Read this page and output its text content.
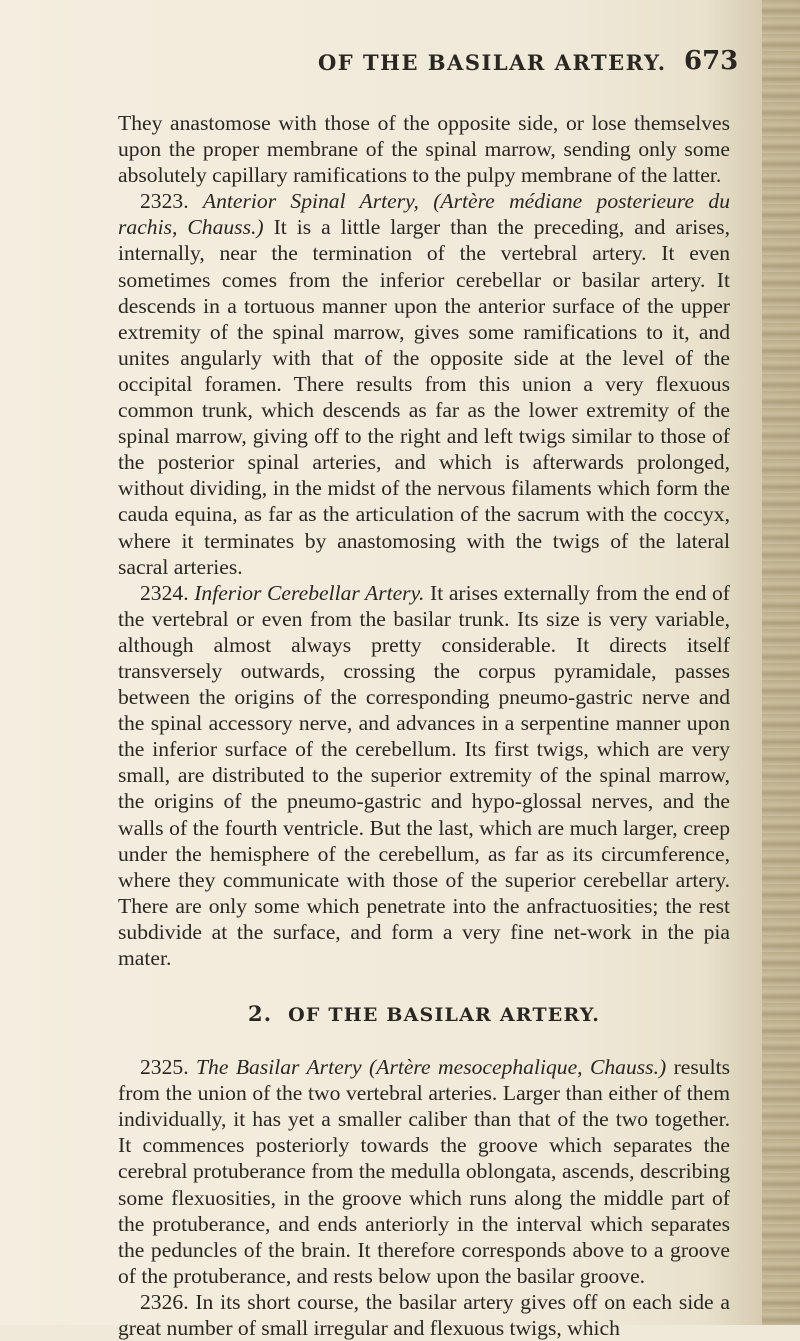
OF THE BASILAR ARTERY. 673

They anastomose with those of the opposite side, or lose themselves upon the proper membrane of the spinal marrow, sending only some absolutely capillary ramifications to the pulpy membrane of the latter.

2323. Anterior Spinal Artery, (Artère médiane posterieure du rachis, Chauss.) It is a little larger than the preceding, and arises, internally, near the termination of the vertebral artery. It even sometimes comes from the inferior cerebellar or basilar artery. It descends in a tortuous manner upon the anterior surface of the upper extremity of the spinal marrow, gives some ramifications to it, and unites angularly with that of the opposite side at the level of the occipital foramen. There results from this union a very flexuous common trunk, which descends as far as the lower extremity of the spinal marrow, giving off to the right and left twigs similar to those of the posterior spinal arteries, and which is afterwards prolonged, without dividing, in the midst of the nervous filaments which form the cauda equina, as far as the articulation of the sacrum with the coccyx, where it terminates by anastomosing with the twigs of the lateral sacral arteries.

2324. Inferior Cerebellar Artery. It arises externally from the end of the vertebral or even from the basilar trunk. Its size is very variable, although almost always pretty considerable. It directs itself transversely outwards, crossing the corpus pyramidale, passes between the origins of the corresponding pneumo-gastric nerve and the spinal accessory nerve, and advances in a serpentine manner upon the inferior surface of the cerebellum. Its first twigs, which are very small, are distributed to the superior extremity of the spinal marrow, the origins of the pneumo-gastric and hypo-glossal nerves, and the walls of the fourth ventricle. But the last, which are much larger, creep under the hemisphere of the cerebellum, as far as its circumference, where they communicate with those of the superior cerebellar artery. There are only some which penetrate into the anfractuosities; the rest subdivide at the surface, and form a very fine net-work in the pia mater.

2. OF THE BASILAR ARTERY.

2325. The Basilar Artery (Artère mesocephalique, Chauss.) results from the union of the two vertebral arteries. Larger than either of them individually, it has yet a smaller caliber than that of the two together. It commences posteriorly towards the groove which separates the cerebral protuberance from the medulla oblongata, ascends, describing some flexuosities, in the groove which runs along the middle part of the protuberance, and ends anteriorly in the interval which separates the peduncles of the brain. It therefore corresponds above to a groove of the protuberance, and rests below upon the basilar groove.

2326. In its short course, the basilar artery gives off on each side a great number of small irregular and flexuous twigs, which
